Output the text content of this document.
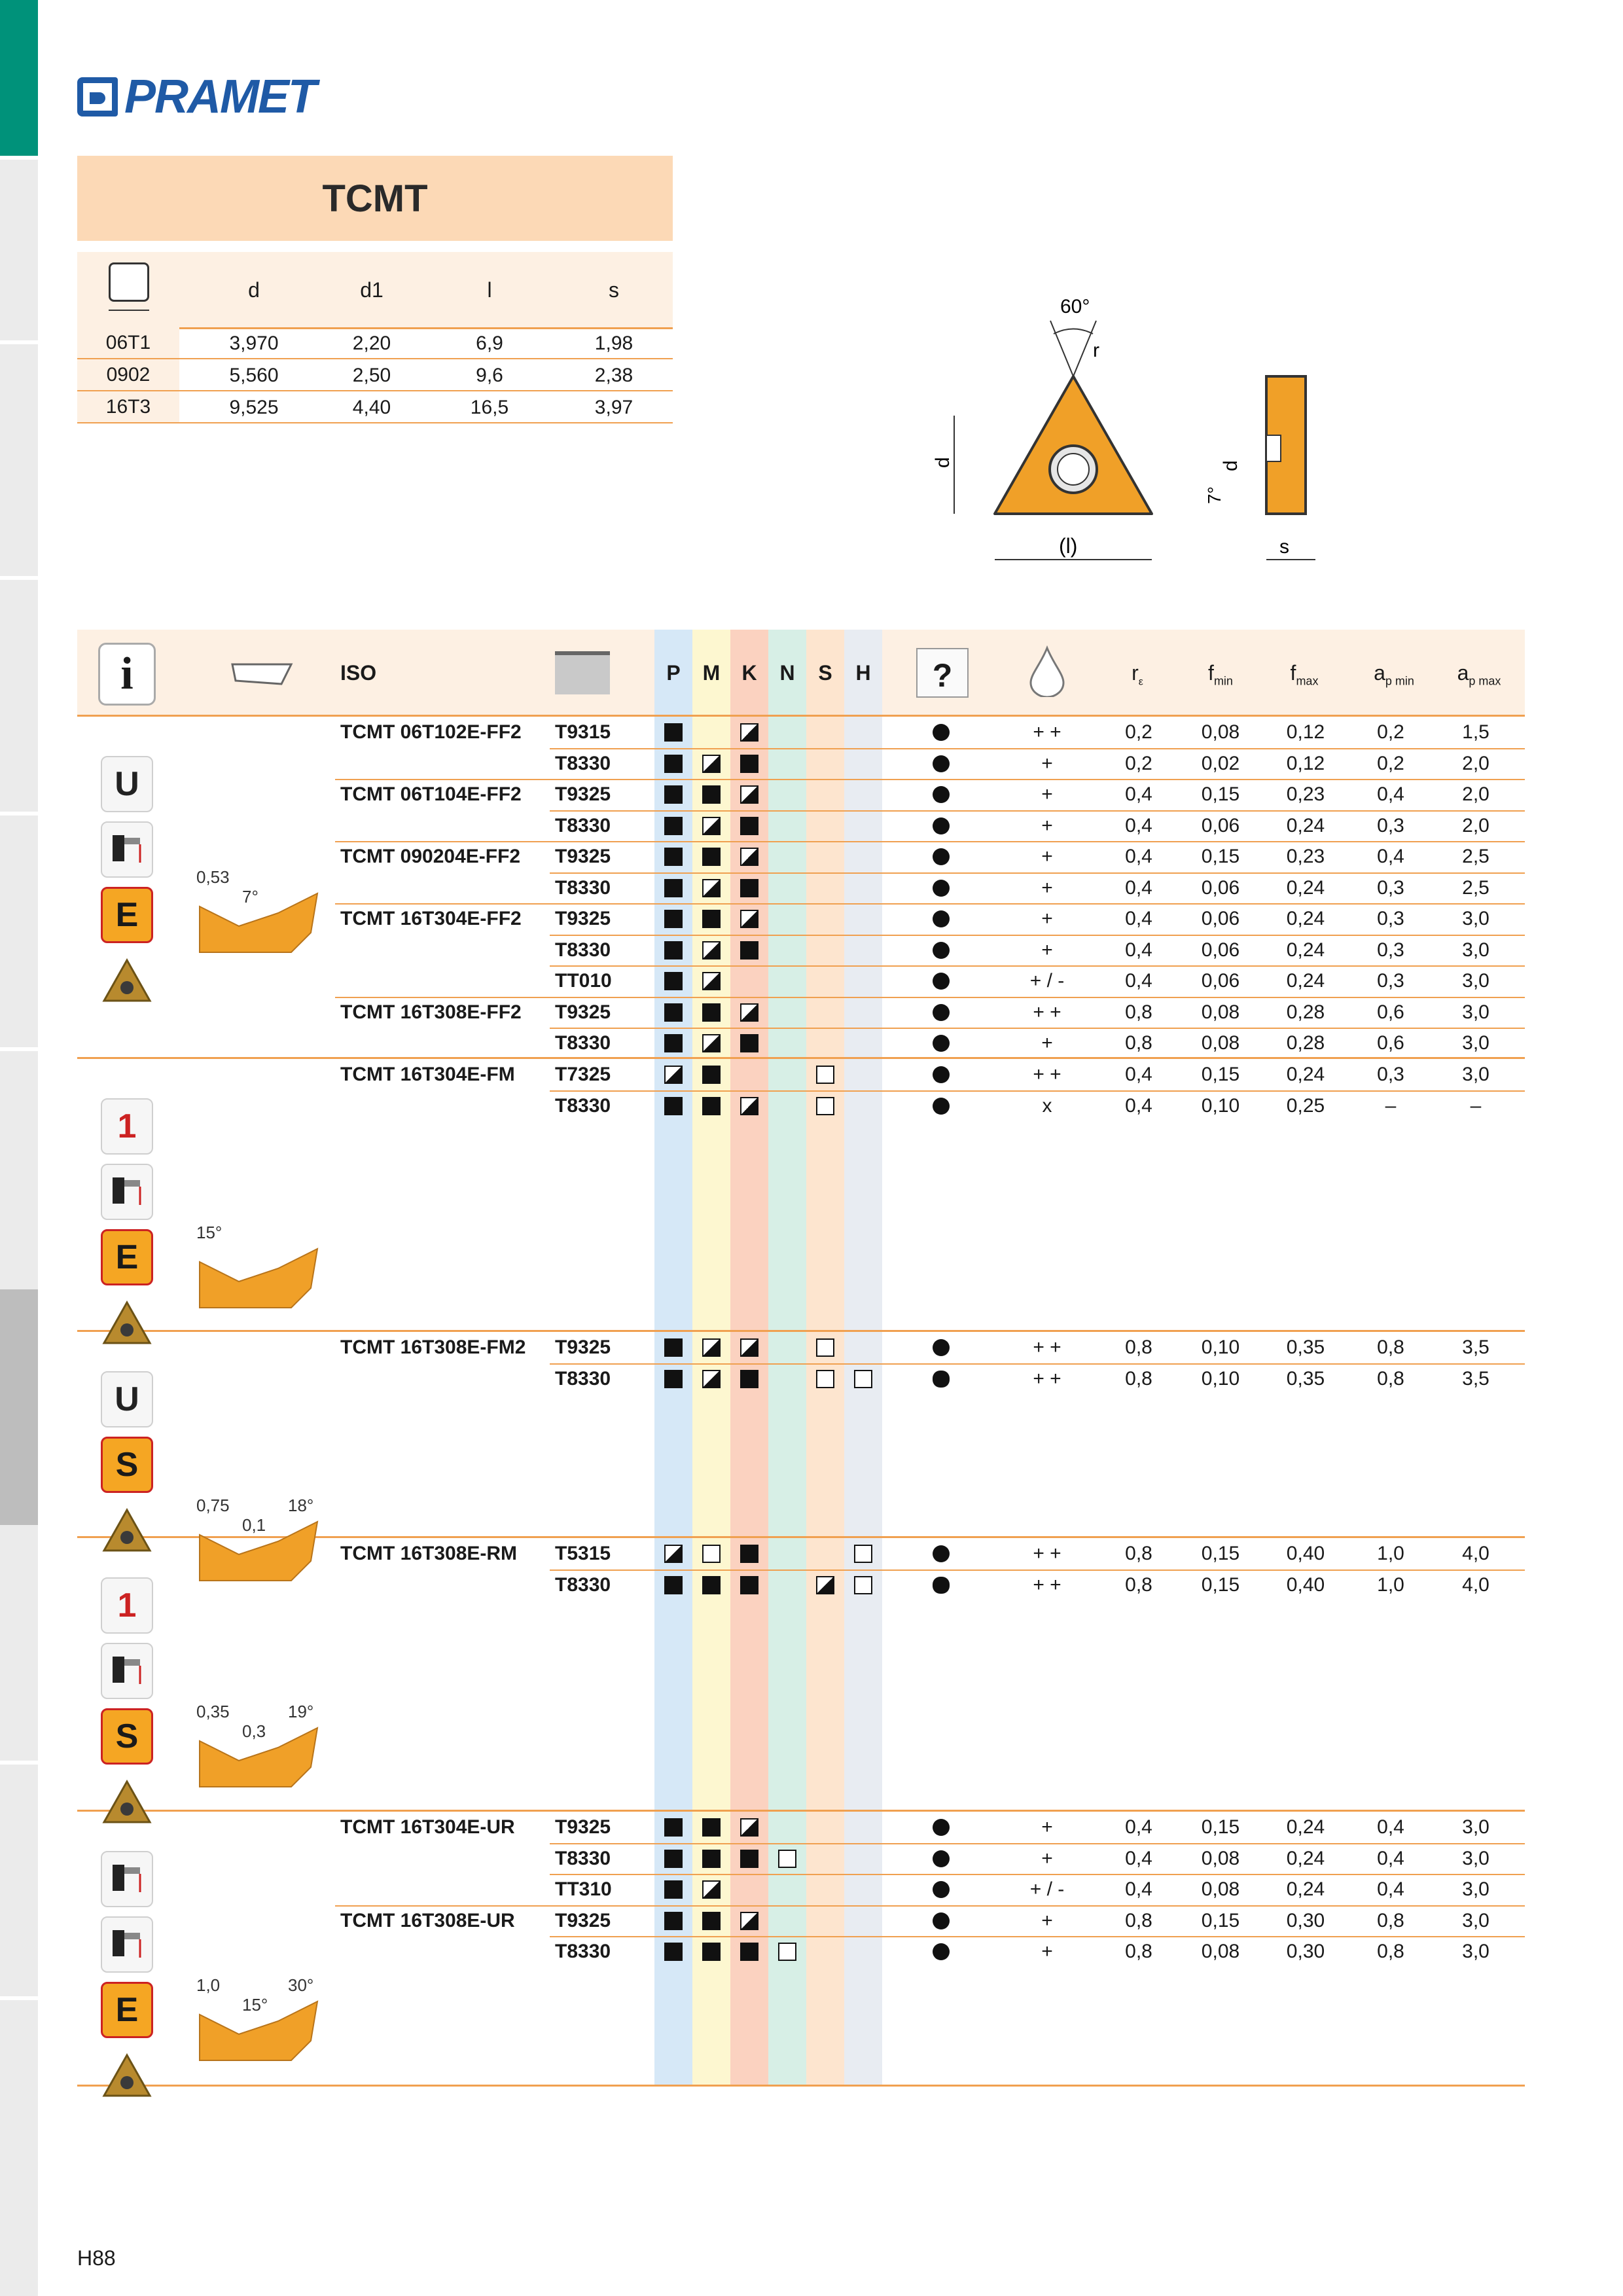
PRAMET
TCMT
d	d1	l	s
06T1	3,970	2,20	6,9	1,98
0902	5,560	2,50	9,6	2,38
16T3	9,525	4,40	16,5	3,97
60°
r
d
(l)
7°
d
s
i	ISO	P	M	K	N	S	H	?	$r_\varepsilon$	$f_{min}$	$f_{max}$	$a_{p min}$	$a_{p max}$
TCMT 06T102E-FF2	T9315	+ +	0,2	0,08	0,12	0,2	1,5
T8330	+	0,2	0,02	0,12	0,2	2,0
TCMT 06T104E-FF2	T9325	+	0,4	0,15	0,23	0,4	2,0
T8330	+	0,4	0,06	0,24	0,3	2,0
TCMT 090204E-FF2	T9325	+	0,4	0,15	0,23	0,4	2,5
T8330	+	0,4	0,06	0,24	0,3	2,5
TCMT 16T304E-FF2	T9325	+	0,4	0,06	0,24	0,3	3,0
T8330	+	0,4	0,06	0,24	0,3	3,0
TT010	+ / -	0,4	0,06	0,24	0,3	3,0
TCMT 16T308E-FF2	T9325	+ +	0,8	0,08	0,28	0,6	3,0
T8330	+	0,8	0,08	0,28	0,6	3,0
U
E
0,53
7°
TCMT 16T304E-FM	T7325	+ +	0,4	0,15	0,24	0,3	3,0
T8330	x	0,4	0,10	0,25	–	–
1
E
15°
TCMT 16T308E-FM2	T9325	+ +	0,8	0,10	0,35	0,8	3,5
T8330	+ +	0,8	0,10	0,35	0,8	3,5
U
S
0,75
0,1
18°
TCMT 16T308E-RM	T5315	+ +	0,8	0,15	0,40	1,0	4,0
T8330	+ +	0,8	0,15	0,40	1,0	4,0
1
S
0,35
0,3
19°
TCMT 16T304E-UR	T9325	+	0,4	0,15	0,24	0,4	3,0
T8330	+	0,4	0,08	0,24	0,4	3,0
TT310	+ / -	0,4	0,08	0,24	0,4	3,0
TCMT 16T308E-UR	T9325	+	0,8	0,15	0,30	0,8	3,0
T8330	+	0,8	0,08	0,30	0,8	3,0
E
1,0
15°
30°
H88
